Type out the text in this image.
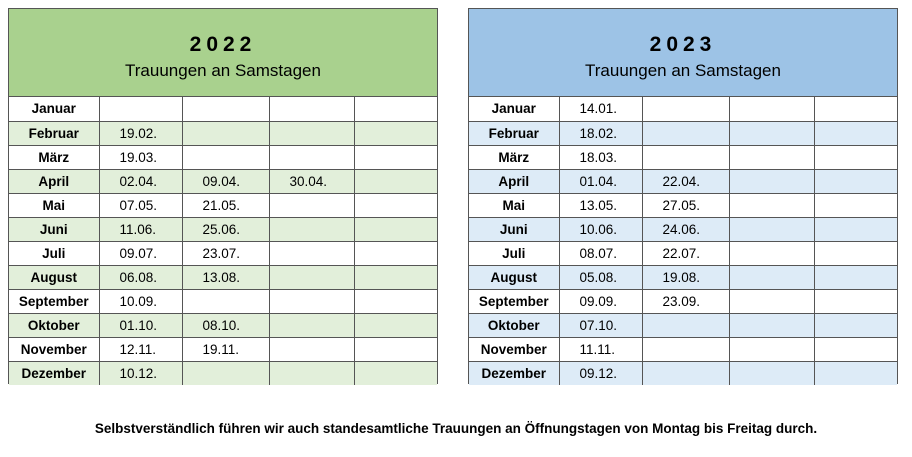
2022
Trauungen an Samstagen
Januar				
Februar	19.02.			
März	19.03.			
April	02.04.	09.04.	30.04.	
Mai	07.05.	21.05.		
Juni	11.06.	25.06.		
Juli	09.07.	23.07.		
August	06.08.	13.08.		
September	10.09.			
Oktober	01.10.	08.10.		
November	12.11.	19.11.		
Dezember	10.12.			
2023
Trauungen an Samstagen
Januar	14.01.			
Februar	18.02.			
März	18.03.			
April	01.04.	22.04.		
Mai	13.05.	27.05.		
Juni	10.06.	24.06.		
Juli	08.07.	22.07.		
August	05.08.	19.08.		
September	09.09.	23.09.		
Oktober	07.10.			
November	11.11.			
Dezember	09.12.			
Selbstverständlich führen wir auch standesamtliche Trauungen an Öffnungstagen von Montag bis Freitag durch.
